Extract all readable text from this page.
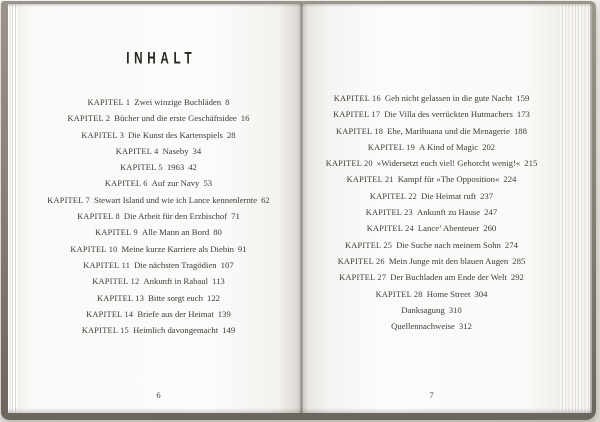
INHALT
KAPITEL 1 Zwei winzige Buchläden 8
KAPITEL 2 Bücher und die erste Geschäftsidee 16
KAPITEL 3 Die Kunst des Kartenspiels 28
KAPITEL 4 Naseby 34
KAPITEL 5 1963 42
KAPITEL 6 Auf zur Navy 53
KAPITEL 7 Stewart Island und wie ich Lance kennenlernte 62
KAPITEL 8 Die Arbeit für den Erzbischof 71
KAPITEL 9 Alle Mann an Bord 80
KAPITEL 10 Meine kurze Karriere als Diebin 91
KAPITEL 11 Die nächsten Tragödien 107
KAPITEL 12 Ankunft in Rabaul 113
KAPITEL 13 Bitte sorgt euch 122
KAPITEL 14 Briefe aus der Heimat 139
KAPITEL 15 Heimlich davongemacht 149
6
KAPITEL 16 Geh nicht gelassen in die gute Nacht 159
KAPITEL 17 Die Villa des verrückten Hutmachers 173
KAPITEL 18 Ehe, Marihuana und die Menagerie 188
KAPITEL 19 A Kind of Magic 202
KAPITEL 20 »Widersetzt euch viel! Gehorcht wenig!« 215
KAPITEL 21 Kampf für »The Opposition« 224
KAPITEL 22 Die Heimat ruft 237
KAPITEL 23 Ankunft zu Hause 247
KAPITEL 24 Lance’ Abenteuer 260
KAPITEL 25 Die Suche nach meinem Sohn 274
KAPITEL 26 Mein Junge mit den blauen Augen 285
KAPITEL 27 Der Buchladen am Ende der Welt 292
KAPITEL 28 Home Street 304
Danksagung 310
Quellennachweise 312
7
